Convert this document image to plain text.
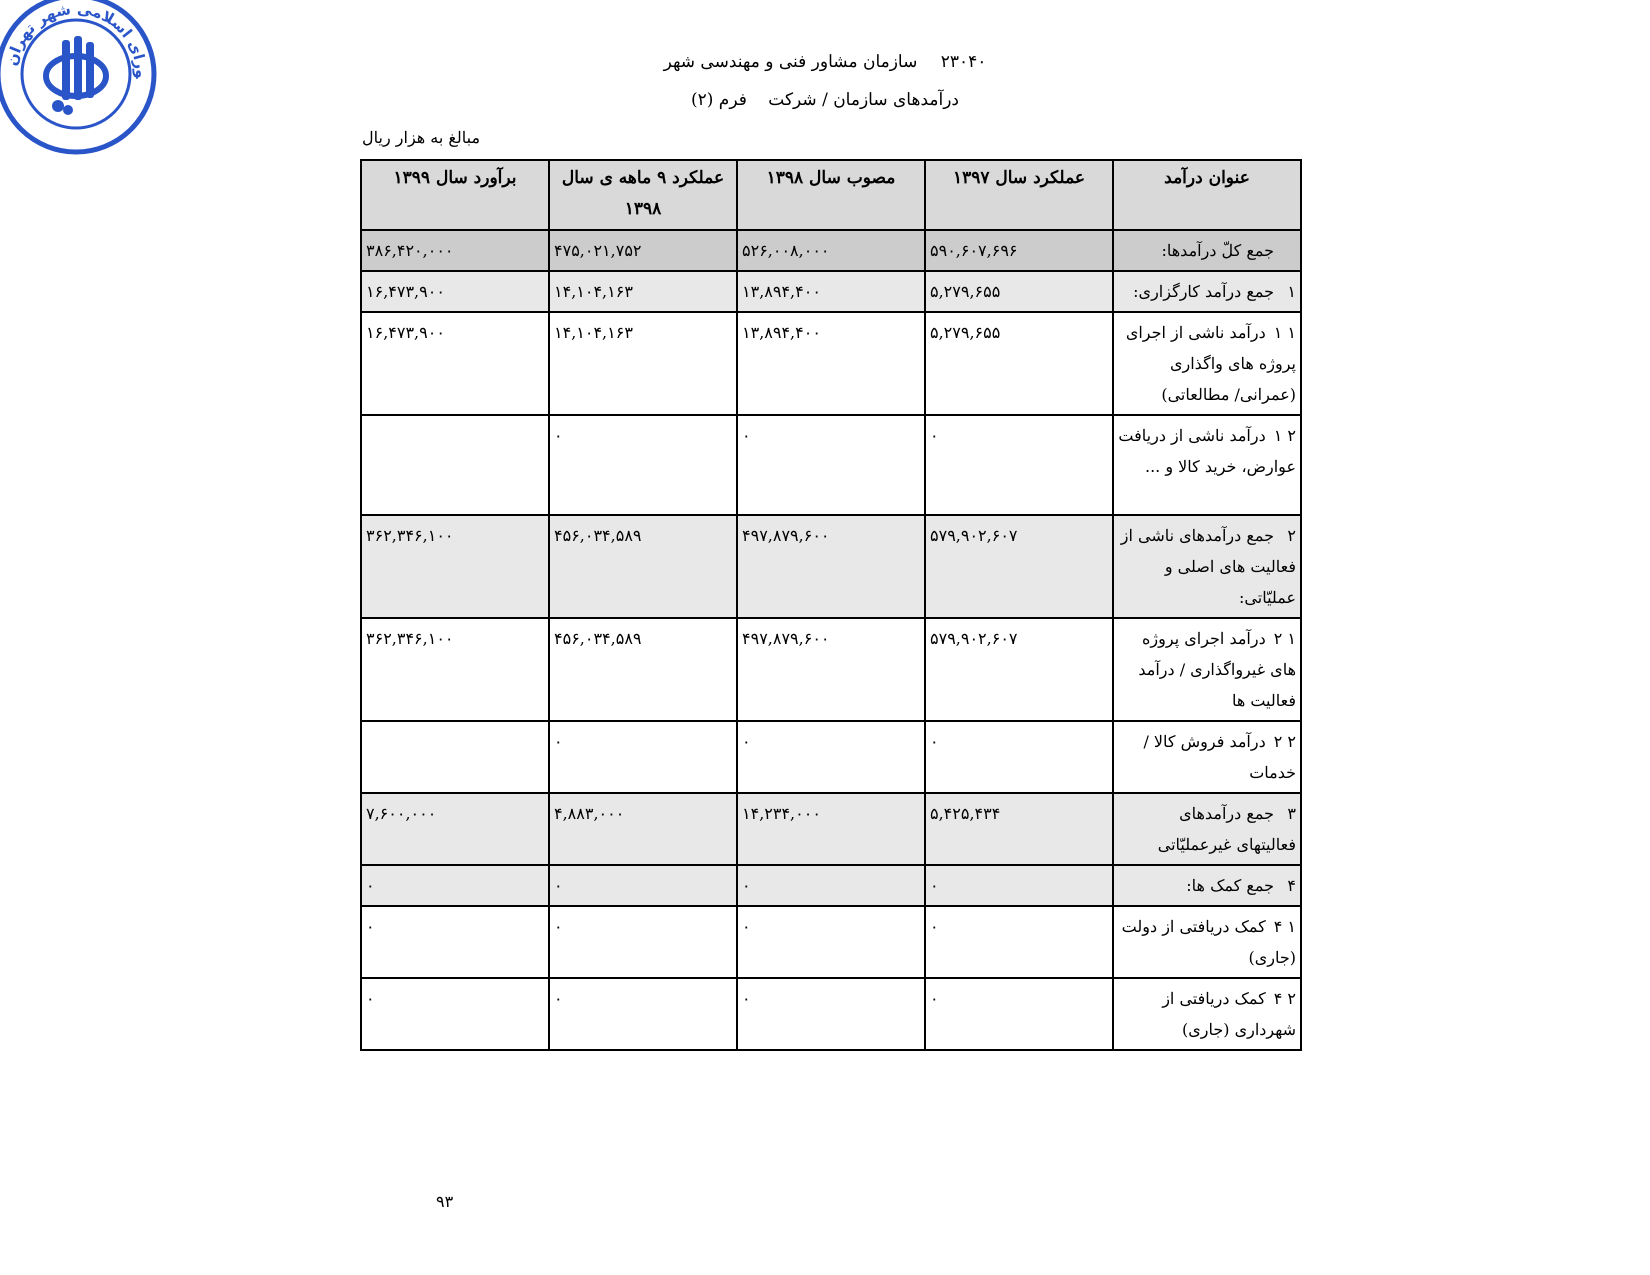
ورای اسلامی شهر تهران
۲۳۰۴۰ سازمان مشاور فنی و مهندسی شهر
درآمدهای سازمان / شرکت فرم (۲)
مبالغ به هزار ریال
عنوان درآمد	عملکرد سال ۱۳۹۷	مصوب سال ۱۳۹۸	عملکرد ۹ ماهه ی سال ۱۳۹۸	برآورد سال ۱۳۹۹
جمع کلّ درآمدها:	۵۹۰,۶۰۷,۶۹۶	۵۲۶,۰۰۸,۰۰۰	۴۷۵,۰۲۱,۷۵۲	۳۸۶,۴۲۰,۰۰۰
۱جمع درآمد کارگزاری:	۵,۲۷۹,۶۵۵	۱۳,۸۹۴,۴۰۰	۱۴,۱۰۴,۱۶۳	۱۶,۴۷۳,۹۰۰
۱ ۱درآمد ناشی از اجرای پروژه های واگذاری (عمرانی/ مطالعاتی)	۵,۲۷۹,۶۵۵	۱۳,۸۹۴,۴۰۰	۱۴,۱۰۴,۱۶۳	۱۶,۴۷۳,۹۰۰
۲ ۱درآمد ناشی از دریافت عوارض، خرید کالا و ...	۰	۰	۰	
۲جمع درآمدهای ناشی از فعالیت های اصلی و عملیّاتی:	۵۷۹,۹۰۲,۶۰۷	۴۹۷,۸۷۹,۶۰۰	۴۵۶,۰۳۴,۵۸۹	۳۶۲,۳۴۶,۱۰۰
۱ ۲درآمد اجرای پروژه های غیرواگذاری / درآمد فعالیت ها	۵۷۹,۹۰۲,۶۰۷	۴۹۷,۸۷۹,۶۰۰	۴۵۶,۰۳۴,۵۸۹	۳۶۲,۳۴۶,۱۰۰
۲ ۲درآمد فروش کالا / خدمات	۰	۰	۰	
۳جمع درآمدهای فعالیتهای غیرعملیّاتی	۵,۴۲۵,۴۳۴	۱۴,۲۳۴,۰۰۰	۴,۸۸۳,۰۰۰	۷,۶۰۰,۰۰۰
۴جمع کمک ها:	۰	۰	۰	۰
۱ ۴کمک دریافتی از دولت (جاری)	۰	۰	۰	۰
۲ ۴کمک دریافتی از شهرداری (جاری)	۰	۰	۰	۰
۹۳
